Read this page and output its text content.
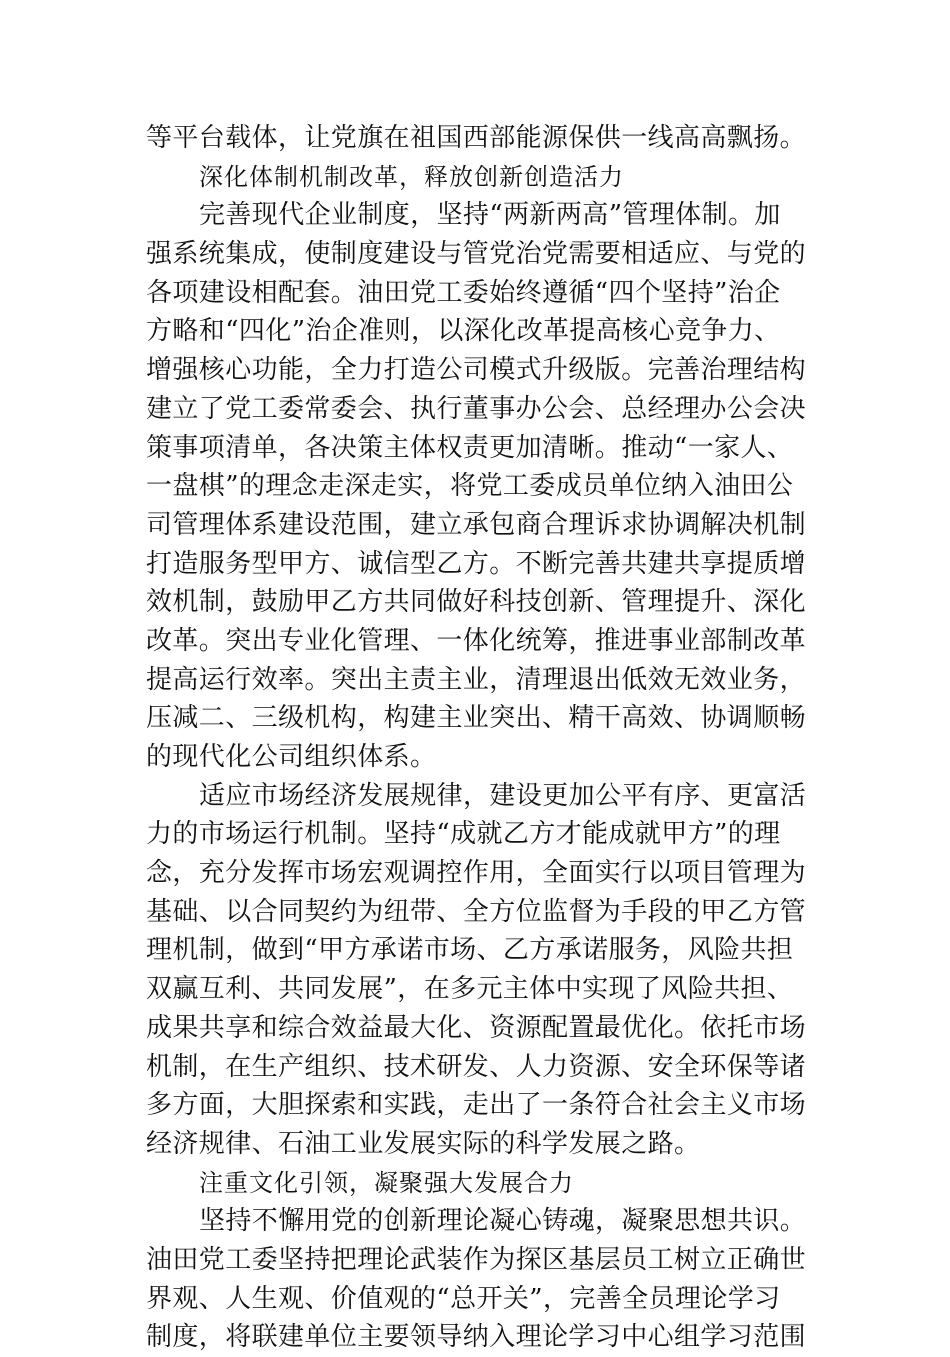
等平台载体，让党旗在祖国西部能源保供一线高高飘扬。
深化体制机制改革，释放创新创造活力
完善现代企业制度，坚持“两新两高”管理体制。加
强系统集成，使制度建设与管党治党需要相适应、与党的
各项建设相配套。油田党工委始终遵循“四个坚持”治企
方略和“四化”治企准则，以深化改革提高核心竞争力、
增强核心功能，全力打造公司模式升级版。完善治理结构
建立了党工委常委会、执行董事办公会、总经理办公会决
策事项清单，各决策主体权责更加清晰。推动“一家人、
一盘棋”的理念走深走实，将党工委成员单位纳入油田公
司管理体系建设范围，建立承包商合理诉求协调解决机制
打造服务型甲方、诚信型乙方。不断完善共建共享提质增
效机制，鼓励甲乙方共同做好科技创新、管理提升、深化
改革。突出专业化管理、一体化统筹，推进事业部制改革
提高运行效率。突出主责主业，清理退出低效无效业务，
压减二、三级机构，构建主业突出、精干高效、协调顺畅
的现代化公司组织体系。
适应市场经济发展规律，建设更加公平有序、更富活
力的市场运行机制。坚持“成就乙方才能成就甲方”的理
念，充分发挥市场宏观调控作用，全面实行以项目管理为
基础、以合同契约为纽带、全方位监督为手段的甲乙方管
理机制，做到“甲方承诺市场、乙方承诺服务，风险共担
双赢互利、共同发展”，在多元主体中实现了风险共担、
成果共享和综合效益最大化、资源配置最优化。依托市场
机制，在生产组织、技术研发、人力资源、安全环保等诸
多方面，大胆探索和实践，走出了一条符合社会主义市场
经济规律、石油工业发展实际的科学发展之路。
注重文化引领，凝聚强大发展合力
坚持不懈用党的创新理论凝心铸魂，凝聚思想共识。
油田党工委坚持把理论武装作为探区基层员工树立正确世
界观、人生观、价值观的“总开关”，完善全员理论学习
制度，将联建单位主要领导纳入理论学习中心组学习范围
